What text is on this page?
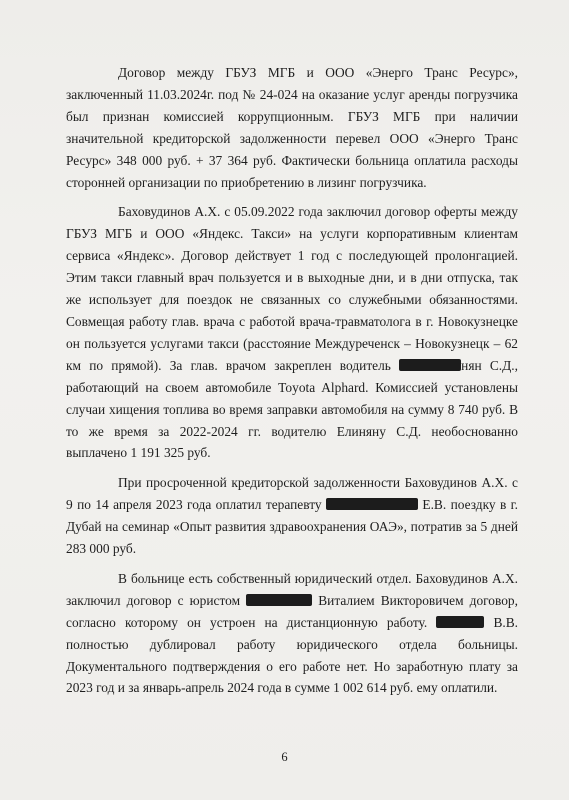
Договор между ГБУЗ МГБ и ООО «Энерго Транс Ресурс», заключенный 11.03.2024г. под № 24-024 на оказание услуг аренды погрузчика был признан комиссией коррупционным. ГБУЗ МГБ при наличии значительной кредиторской задолженности перевел ООО «Энерго Транс Ресурс» 348 000 руб. + 37 364 руб. Фактически больница оплатила расходы сторонней организации по приобретению в лизинг погрузчика.

Баховудинов А.Х. с 05.09.2022 года заключил договор оферты между ГБУЗ МГБ и ООО «Яндекс. Такси» на услуги корпоративным клиентам сервиса «Яндекс». Договор действует 1 год с последующей пролонгацией. Этим такси главный врач пользуется и в выходные дни, и в дни отпуска, так же использует для поездок не связанных со служебными обязанностями. Совмещая работу глав. врача с работой врача-травматолога в г. Новокузнецке он пользуется услугами такси (расстояние Междуреченск – Новокузнецк – 62 км по прямой). За глав. врачом закреплен водитель	нян С.Д., работающий на своем автомобиле Toyota Alphard. Комиссией установлены случаи хищения топлива во время заправки автомобиля на сумму 8 740 руб. В то же время за 2022-2024 гг. водителю Елиняну С.Д. необоснованно выплачено 1 191 325 руб.

При просроченной кредиторской задолженности Баховудинов А.Х. с 9 по 14 апреля 2023 года оплатил терапевту	Е.В. поездку в г. Дубай на семинар «Опыт развития здравоохранения ОАЭ», потратив за 5 дней 283 000 руб.

В больнице есть собственный юридический отдел. Баховудинов А.Х. заключил договор с юристом	Виталием Викторовичем договор, согласно которому он устроен на дистанционную работу.	В.В. полностью дублировал работу юридического отдела больницы. Документального подтверждения о его работе нет. Но заработную плату за 2023 год и за январь-апрель 2024 года в сумме 1 002 614 руб. ему оплатили.

6
